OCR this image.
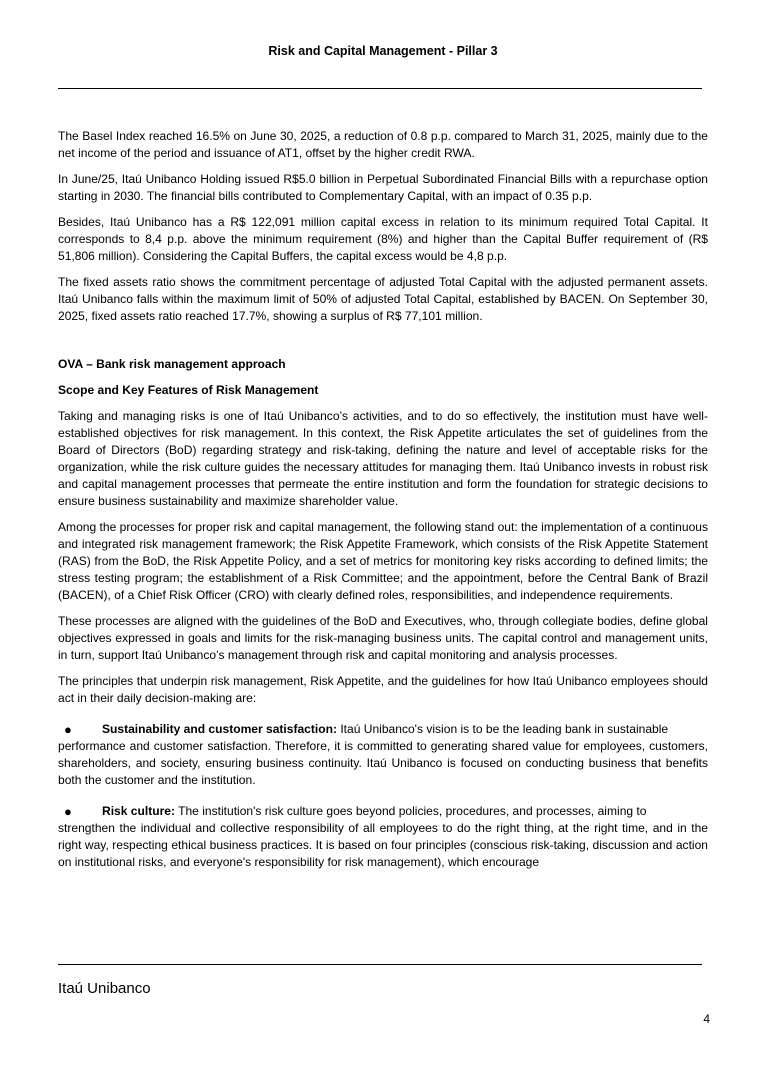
Risk and Capital Management - Pillar 3

The Basel Index reached 16.5% on June 30, 2025, a reduction of 0.8 p.p. compared to March 31, 2025, mainly due to the net income of the period and issuance of AT1, offset by the higher credit RWA.

In June/25, Itaú Unibanco Holding issued R$5.0 billion in Perpetual Subordinated Financial Bills with a repurchase option starting in 2030. The financial bills contributed to Complementary Capital, with an impact of 0.35 p.p.

Besides, Itaú Unibanco has a R$ 122,091 million capital excess in relation to its minimum required Total Capital. It corresponds to 8,4 p.p. above the minimum requirement (8%) and higher than the Capital Buffer requirement of (R$ 51,806 million). Considering the Capital Buffers, the capital excess would be 4,8 p.p.

The fixed assets ratio shows the commitment percentage of adjusted Total Capital with the adjusted permanent assets. Itaú Unibanco falls within the maximum limit of 50% of adjusted Total Capital, established by BACEN. On September 30, 2025, fixed assets ratio reached 17.7%, showing a surplus of R$ 77,101 million.

OVA – Bank risk management approach
Scope and Key Features of Risk Management

Taking and managing risks is one of Itaú Unibanco’s activities, and to do so effectively, the institution must have well-established objectives for risk management. In this context, the Risk Appetite articulates the set of guidelines from the Board of Directors (BoD) regarding strategy and risk-taking, defining the nature and level of acceptable risks for the organization, while the risk culture guides the necessary attitudes for managing them. Itaú Unibanco invests in robust risk and capital management processes that permeate the entire institution and form the foundation for strategic decisions to ensure business sustainability and maximize shareholder value.

Among the processes for proper risk and capital management, the following stand out: the implementation of a continuous and integrated risk management framework; the Risk Appetite Framework, which consists of the Risk Appetite Statement (RAS) from the BoD, the Risk Appetite Policy, and a set of metrics for monitoring key risks according to defined limits; the stress testing program; the establishment of a Risk Committee; and the appointment, before the Central Bank of Brazil (BACEN), of a Chief Risk Officer (CRO) with clearly defined roles, responsibilities, and independence requirements.

These processes are aligned with the guidelines of the BoD and Executives, who, through collegiate bodies, define global objectives expressed in goals and limits for the risk-managing business units. The capital control and management units, in turn, support Itaú Unibanco’s management through risk and capital monitoring and analysis processes.

The principles that underpin risk management, Risk Appetite, and the guidelines for how Itaú Unibanco employees should act in their daily decision-making are:

●	Sustainability and customer satisfaction: Itaú Unibanco's vision is to be the leading bank in sustainable
performance and customer satisfaction. Therefore, it is committed to generating shared value for employees, customers, shareholders, and society, ensuring business continuity. Itaú Unibanco is focused on conducting business that benefits both the customer and the institution.
●	Risk culture: The institution's risk culture goes beyond policies, procedures, and processes, aiming to
strengthen the individual and collective responsibility of all employees to do the right thing, at the right time, and in the right way, respecting ethical business practices. It is based on four principles (conscious risk-taking, discussion and action on institutional risks, and everyone's responsibility for risk management), which encourage
Itaú Unibanco
4
